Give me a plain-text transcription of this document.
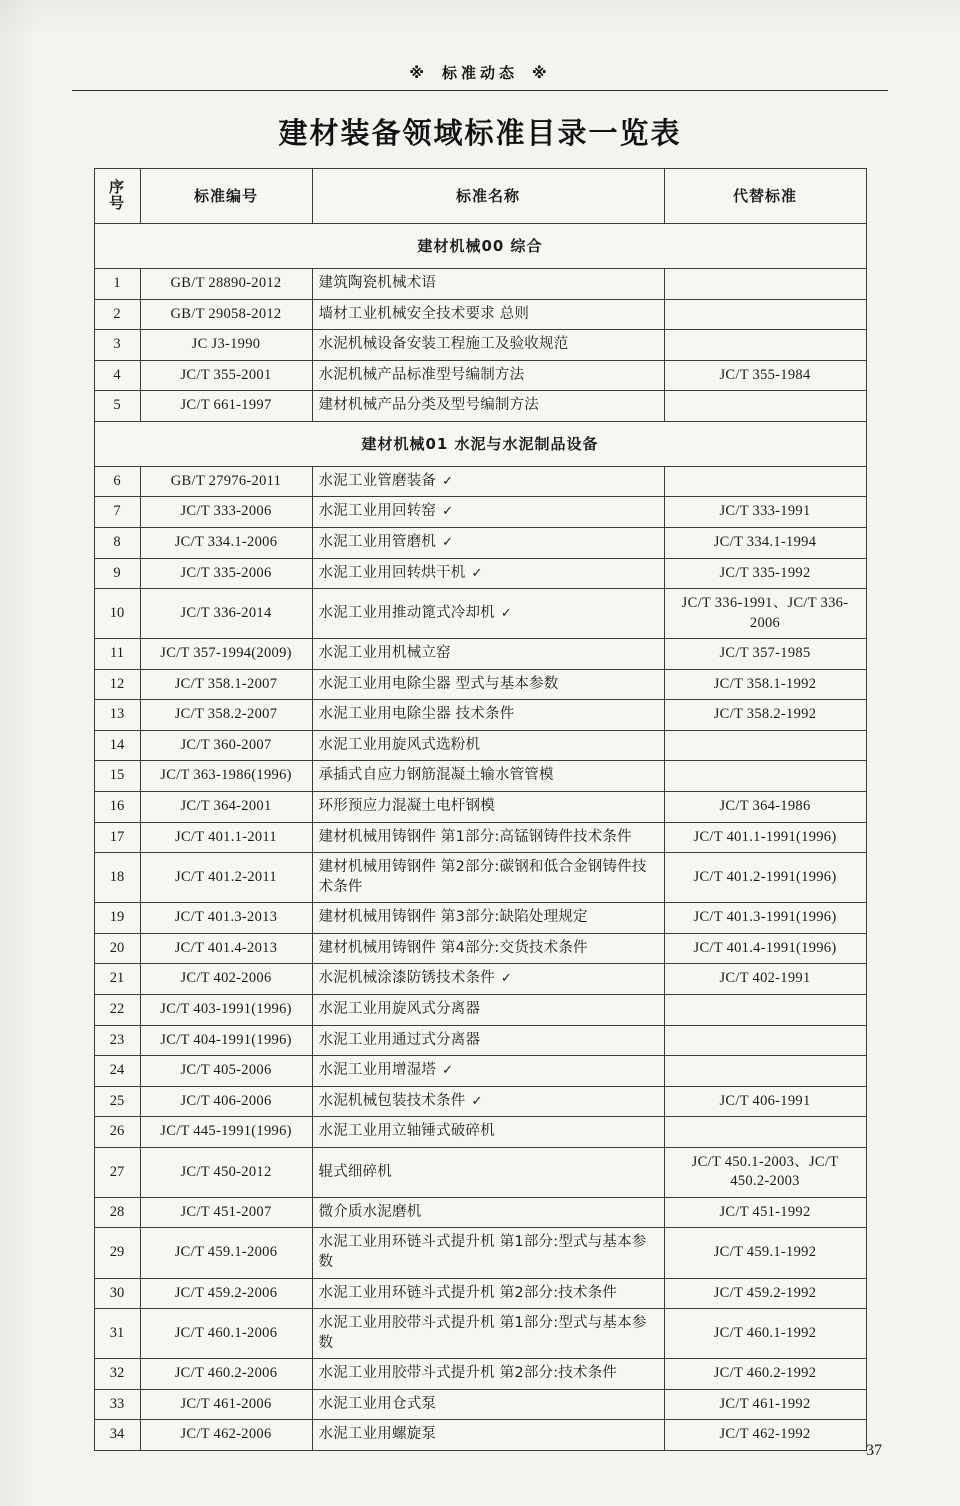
※ 标准动态 ※
建材装备领域标准目录一览表
序
号	标准编号	标准名称	代替标准
建材机械00 综合			
1	GB/T 28890-2012	建筑陶瓷机械术语	
2	GB/T 29058-2012	墙材工业机械安全技术要求 总则	
3	JC J3-1990	水泥机械设备安装工程施工及验收规范	
4	JC/T 355-2001	水泥机械产品标准型号编制方法	JC/T 355-1984
5	JC/T 661-1997	建材机械产品分类及型号编制方法	
建材机械01 水泥与水泥制品设备			
6	GB/T 27976-2011	水泥工业管磨装备 ✓	
7	JC/T 333-2006	水泥工业用回转窑 ✓	JC/T 333-1991
8	JC/T 334.1-2006	水泥工业用管磨机 ✓	JC/T 334.1-1994
9	JC/T 335-2006	水泥工业用回转烘干机 ✓	JC/T 335-1992
10	JC/T 336-2014	水泥工业用推动篦式冷却机 ✓	JC/T 336-1991、JC/T 336-2006
11	JC/T 357-1994(2009)	水泥工业用机械立窑	JC/T 357-1985
12	JC/T 358.1-2007	水泥工业用电除尘器 型式与基本参数	JC/T 358.1-1992
13	JC/T 358.2-2007	水泥工业用电除尘器 技术条件	JC/T 358.2-1992
14	JC/T 360-2007	水泥工业用旋风式选粉机	
15	JC/T 363-1986(1996)	承插式自应力钢筋混凝土输水管管模	
16	JC/T 364-2001	环形预应力混凝土电杆钢模	JC/T 364-1986
17	JC/T 401.1-2011	建材机械用铸钢件 第1部分:高锰钢铸件技术条件	JC/T 401.1-1991(1996)
18	JC/T 401.2-2011	建材机械用铸钢件 第2部分:碳钢和低合金钢铸件技术条件	JC/T 401.2-1991(1996)
19	JC/T 401.3-2013	建材机械用铸钢件 第3部分:缺陷处理规定	JC/T 401.3-1991(1996)
20	JC/T 401.4-2013	建材机械用铸钢件 第4部分:交货技术条件	JC/T 401.4-1991(1996)
21	JC/T 402-2006	水泥机械涂漆防锈技术条件 ✓	JC/T 402-1991
22	JC/T 403-1991(1996)	水泥工业用旋风式分离器	
23	JC/T 404-1991(1996)	水泥工业用通过式分离器	
24	JC/T 405-2006	水泥工业用增湿塔 ✓	
25	JC/T 406-2006	水泥机械包装技术条件 ✓	JC/T 406-1991
26	JC/T 445-1991(1996)	水泥工业用立轴锤式破碎机	
27	JC/T 450-2012	辊式细碎机	JC/T 450.1-2003、JC/T 450.2-2003
28	JC/T 451-2007	微介质水泥磨机	JC/T 451-1992
29	JC/T 459.1-2006	水泥工业用环链斗式提升机 第1部分:型式与基本参数	JC/T 459.1-1992
30	JC/T 459.2-2006	水泥工业用环链斗式提升机 第2部分:技术条件	JC/T 459.2-1992
31	JC/T 460.1-2006	水泥工业用胶带斗式提升机 第1部分:型式与基本参数	JC/T 460.1-1992
32	JC/T 460.2-2006	水泥工业用胶带斗式提升机 第2部分:技术条件	JC/T 460.2-1992
33	JC/T 461-2006	水泥工业用仓式泵	JC/T 461-1992
34	JC/T 462-2006	水泥工业用螺旋泵	JC/T 462-1992
37
